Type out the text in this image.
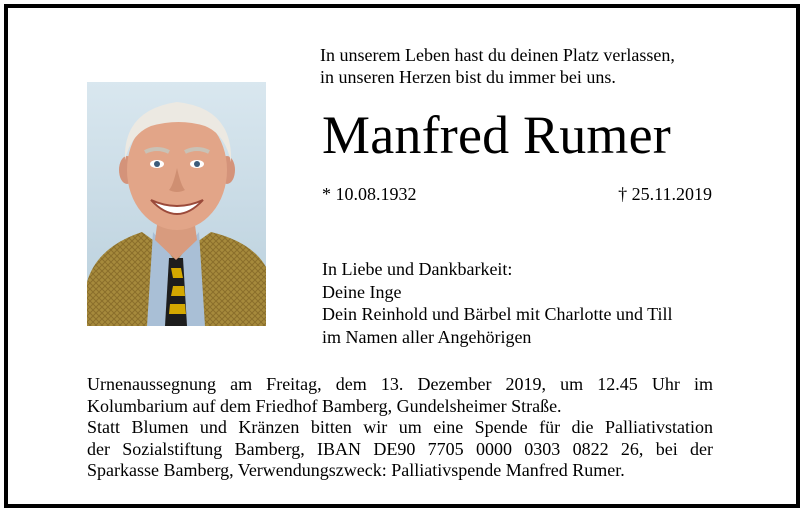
In unserem Leben hast du deinen Platz verlassen,
in unseren Herzen bist du immer bei uns.
Manfred Rumer
* 10.08.1932	† 25.11.2019
In Liebe und Dankbarkeit:
Deine Inge
Dein Reinhold und Bärbel mit Charlotte und Till
im Namen aller Angehörigen
Urnenaussegnung am Freitag, dem 13. Dezember 2019, um 12.45 Uhr im
Kolumbarium auf dem Friedhof Bamberg, Gundelsheimer Straße.
Statt Blumen und Kränzen bitten wir um eine Spende für die Palliativstation
der Sozialstiftung Bamberg, IBAN DE90 7705 0000 0303 0822 26, bei der
Sparkasse Bamberg, Verwendungszweck: Palliativspende Manfred Rumer.
